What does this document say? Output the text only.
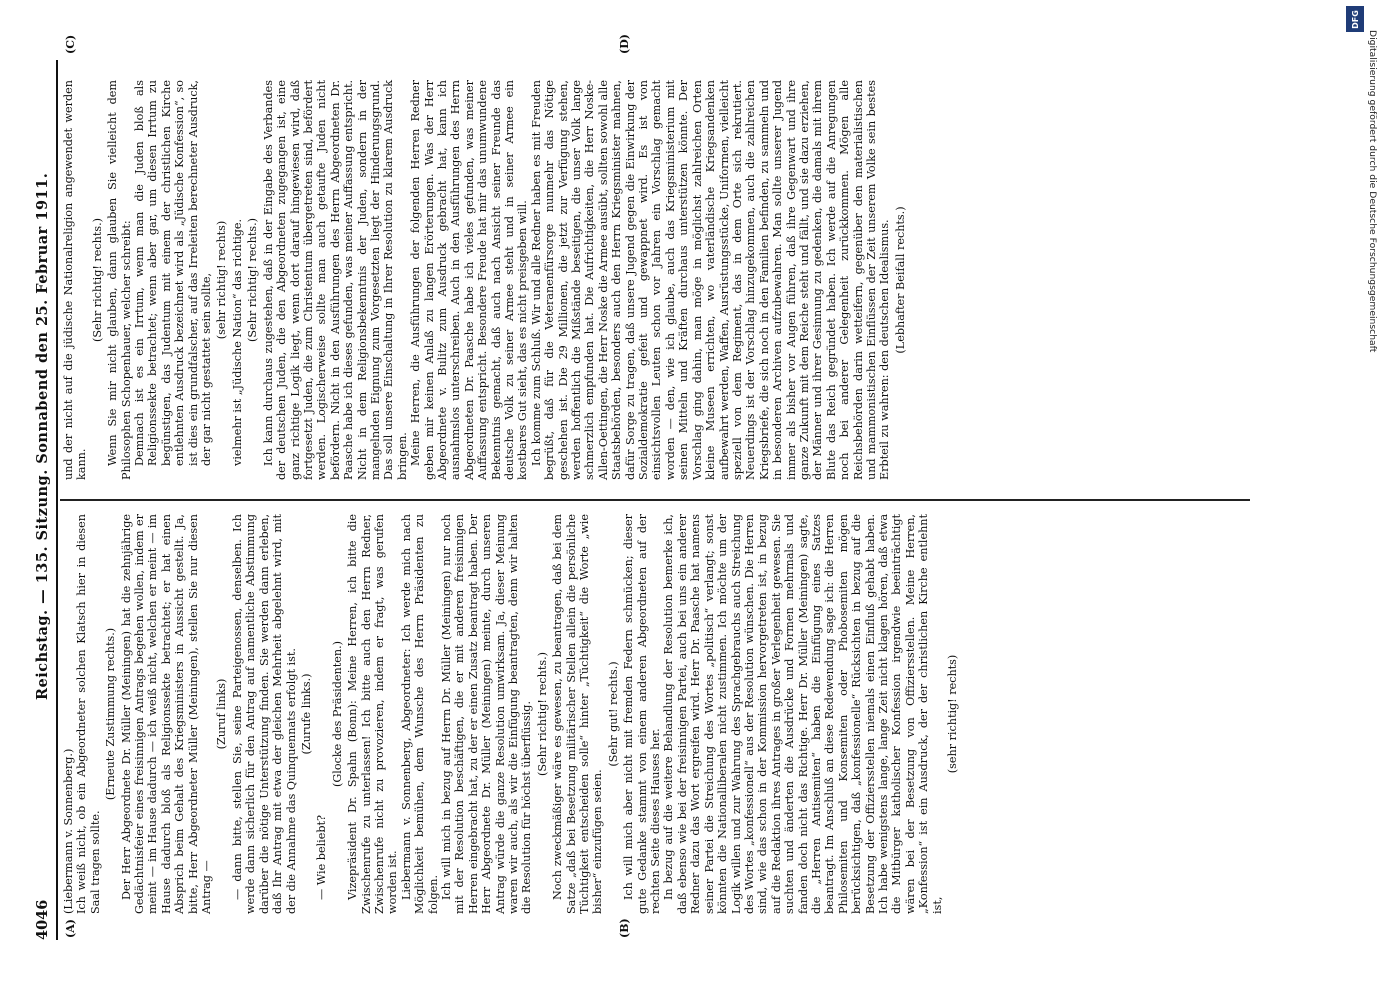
4046
Reichstag. — 135. Sitzung. Sonnabend den 25. Februar 1911.
(A)	(B)
(C)	(D)

(Liebermann v. Sonnenberg.) Ich weiß nicht, ob ein Abgeordneter solchen Klatsch hier in diesen Saal tragen sollte.

(Erneute Zustimmung rechts.) Der Herr Abgeordnete Dr. Müller (Meiningen) hat die zehnjährige Gedächtnisfeier eines freisinnigen Antrags begehen wollen, indem er meint — im Hause dadurch — ich weiß nicht, welchen er meint — im Hause dadurch bloß als Religionssekte betrachtet; er hat einen Absprich beim Gehalt des Kriegsministers in Aussicht gestellt. Ja, bitte, Herr Abgeordneter Müller (Meiningen), stellen Sie nur diesen Antrag —

(Zuruf links) — dann bitte, stellen Sie, seine Parteigenossen, denselben. Ich werde dann sicherlich für den Antrag auf namentliche Abstimmung darüber die nötige Unterstützung finden. Sie werden dann erleben, daß Ihr Antrag mit etwa der gleichen Mehrheit abgelehnt wird, mit der die Annahme das Quinquennats erfolgt ist. (Zurufe links.)

— Wie beliebt?

(Glocke des Präsidenten.) Vizepräsident Dr. Spahn (Bonn): Meine Herren, ich bitte die Zwischenrufe zu unterlassen! Ich bitte auch den Herrn Redner, Zwischenrufe nicht zu provozieren, indem er fragt, was gerufen worden ist. Liebermann v. Sonnenberg, Abgeordneter: Ich werde mich nach Möglichkeit bemühen, dem Wunsche des Herrn Präsidenten zu folgen. Ich will mich in bezug auf Herrn Dr. Müller (Meiningen) nur noch mit der Resolution beschäftigen, die er mit anderen freisinnigen Herren eingebracht hat, zu der er einen Zusatz beantragt haben. Der Herr Abgeordnete Dr. Müller (Meiningen) meinte, durch unseren Antrag würde die ganze Resolution umwirksam. Ja, dieser Meinung waren wir auch, als wir die Einfügung beantragten, denn wir halten die Resolution für höchst überflüssig. (Sehr richtig! rechts.) Noch zweckmäßiger wäre es gewesen, zu beantragen, daß bei dem Satze „daß bei Besetzung militärischer Stellen allein die persönliche Tüchtigkeit entscheiden solle“ hinter „Tüchtigkeit“ die Worte „wie bisher“ einzufügen seien.

(Sehr gut! rechts.) Ich will mich aber nicht mit fremden Federn schmücken; dieser gute Gedanke stammt von einem anderen Abgeordneten auf der rechten Seite dieses Hauses her. In bezug auf die weitere Behandlung der Resolution bemerke ich, daß ebenso wie bei der freisinnigen Partei, auch bei uns ein anderer Redner dazu das Wort ergreifen wird. Herr Dr. Paasche hat namens seiner Partei die Streichung des Wortes „politisch“ verlangt; sonst könnten die Nationalliberalen nicht zustimmen. Ich möchte um der Logik willen und zur Wahrung des Sprachgebrauchs auch Streichung des Wortes „konfessionell“ aus der Resolution wünschen. Die Herren sind, wie das schon in der Kommission hervorgetreten ist, in bezug auf die Redaktion ihres Antrages in großer Verlegenheit gewesen. Sie suchten und änderten die Ausdrücke und Formen mehrmals und fanden doch nicht das Richtige. Herr Dr. Müller (Meiningen) sagte, die „Herren Antisemiten“ haben die Einfügung eines Satzes beantragt. Im Anschluß an diese Redewendung sage ich: die Herren Philosemiten und Konsemiten oder Phobosemiten mögen berücksichtigen, daß „konfessionelle“ Rücksichten in bezug auf die Besetzung der Offiziersstellen niemals einen Einfluß gehabt haben. Ich habe wenigstens lange, lange Zeit nicht klagen hören, daß etwa die Mitbürger katholischer Konfession irgendwie beeinträchtigt wären bei der Besetzung von Offiziersstellen. Meine Herren, „Konfession“ ist ein Ausdruck, der der christlichen Kirche entlehnt ist,

(sehr richtig! rechts)

und der nicht auf die jüdische Nationalreligion angewendet werden kann.

(Sehr richtig! rechts.) Wenn Sie mir nicht glauben, dann glauben Sie vielleicht dem Philosophen Schopenhauer, welcher schreibt: Demnach ist es ein Irrtum, wenn man die Juden bloß als Religionssekte betrachtet; wenn aber gar, um diesen Irrtum zu begünstigen, das Judentum mit einem der christlichen Kirche entlehnten Ausdruck bezeichnet wird als „Jüdische Konfession“, so ist dies ein grundfalscher, auf das Irreleiten berechneter Ausdruck, der gar nicht gestattet sein sollte, (sehr richtig! rechts) vielmehr ist „Jüdische Nation“ das richtige. (Sehr richtig! rechts.) Ich kann durchaus zugestehen, daß in der Eingabe des Verbandes der deutschen Juden, die den Abgeordneten zugegangen ist, eine ganz richtige Logik liegt, wenn dort darauf hingewiesen wird, daß fortgesetzt Juden, die zum Christentum übergetreten sind, befördert werden. Logischerweise sollte man auch getaufte Juden nicht befördern. Nicht in den Ausführungen des Herrn Abgeordneten Dr. Paasche habe ich dieses gefunden, was meiner Auffassung entspricht. Nicht in dem Religionsbekenntnis der Juden, sondern in der mangelnden Eignung zum Vorgesetzten liegt der Hinderungsgrund. Das soll unsere Einschaltung in Ihrer Resolution zu klarem Ausdruck bringen. Meine Herren, die Ausführungen der folgenden Herren Redner geben mir keinen Anlaß zu langen Erörterungen. Was der Herr Abgeordnete v. Bulitz zum Ausdruck gebracht hat, kann ich ausnahmslos unterschreiben. Auch in den Ausführungen des Herrn Abgeordneten Dr. Paasche habe ich vieles gefunden, was meiner Auffassung entspricht. Besondere Freude hat mir das unumwundene Bekenntnis gemacht, daß auch nach Ansicht seiner Freunde das deutsche Volk zu seiner Armee steht und in seiner Armee ein kostbares Gut sieht, das es nicht preisgeben will. Ich komme zum Schluß. Wir und alle Redner haben es mit Freuden begrüßt, daß für die Veteranenfürsorge nunmehr das Nötige geschehen ist. Die 29 Millionen, die jetzt zur Verfügung stehen, werden hoffentlich die Mißstände beseitigen, die unser Volk lange schmerzlich empfunden hat. Die Aufrichtigkeiten, die Herr Noske-Allen-Oettingen, die Herr Noske die Armee ausübt, sollten sowohl alle Staatsbehörden, besonders auch den Herrn Kriegsminister mahnen, dafür Sorge zu tragen, daß unsere Jugend gegen die Einwirkung der Sozialdemokratie gefeit und gewappnet wird. Es ist von einsichtsvollen Leuten schon vor Jahren ein Vorschlag gemacht worden — den, wie ich glaube, auch das Kriegsministerium mit seinen Mitteln und Kräften durchaus unterstützen könnte. Der Vorschlag ging dahin, man möge in möglichst zahlreichen Orten kleine Museen errichten, wo vaterländische Kriegsandenken aufbewahrt werden, Waffen, Ausrüstungsstücke, Uniformen, vielleicht speziell von dem Regiment, das in dem Orte sich rekrutiert. Neuerdings ist der Vorschlag hinzugekommen, auch die zahlreichen Kriegsbriefe, die sich noch in den Familien befinden, zu sammeln und in besonderen Archiven aufzubewahren. Man sollte unserer Jugend immer als bisher vor Augen führen, daß ihre Gegenwart und ihre ganze Zukunft mit dem Reiche steht und fällt, und sie dazu erziehen, der Männer und ihrer Gesinnung zu gedenken, die damals mit ihrem Blute das Reich gegründet haben. Ich werde auf die Anregungen noch bei anderer Gelegenheit zurückkommen. Mögen alle Reichsbehörden darin wetteifern, gegenüber den materialistischen und mammonistischen Einflüssen der Zeit unserem Volke sein bestes Erbteil zu wahren: den deutschen Idealismus. (Lebhafter Beifall rechts.)

DFG
Digitalisierung gefördert durch die Deutsche Forschungsgemeinschaft
